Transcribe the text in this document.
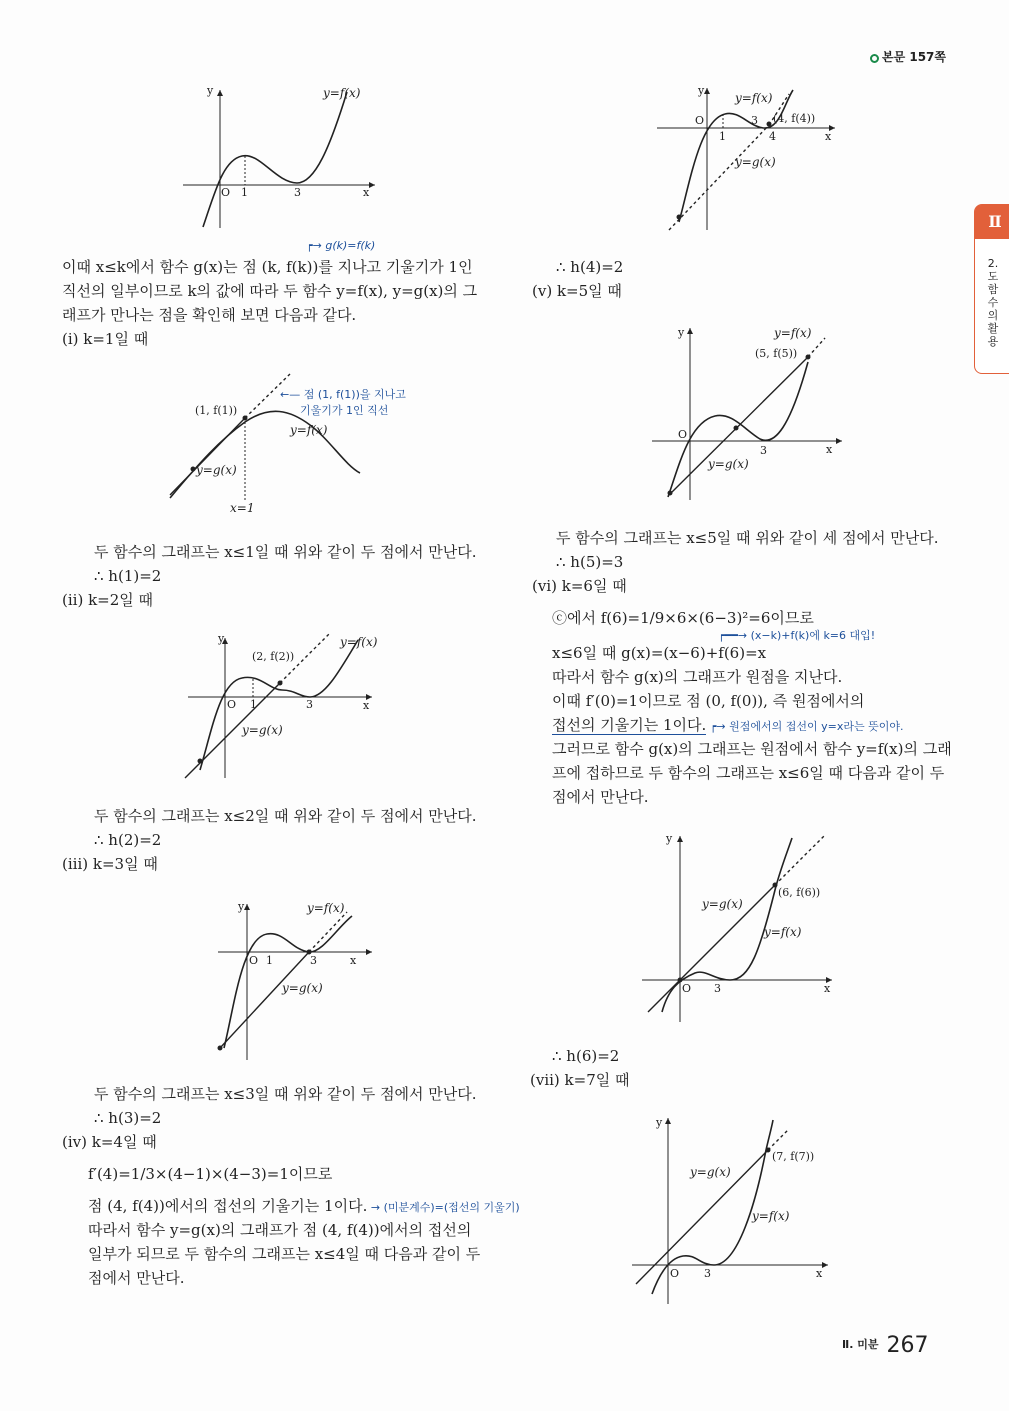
본문 157쪽
Ⅱ
2. 도함수의 활용
y
x
O 1	3
y=f(x)
┍→ g(k)=f(k)
이때 x≤k에서 함수 g(x)는 점 (k, f(k))를 지나고 기울기가 1인
직선의 일부이므로 k의 값에 따라 두 함수 y=f(x), y=g(x)의 그
래프가 만나는 점을 확인해 보면 다음과 같다.
(ⅰ) k=1일 때
(1, f(1))
y=f(x)
y=g(x)
x=1
←— 점 (1, f(1))을 지나고
기울기가 1인 직선
두 함수의 그래프는 x≤1일 때 위와 같이 두 점에서 만난다.
∴ h(1)=2
(ⅱ) k=2일 때
y
x
O 1	3
(2, f(2))
y=f(x)
y=g(x)
두 함수의 그래프는 x≤2일 때 위와 같이 두 점에서 만난다.
∴ h(2)=2
(ⅲ) k=3일 때
y
x
O 1	3
y=f(x)
y=g(x)
두 함수의 그래프는 x≤3일 때 위와 같이 두 점에서 만난다.
∴ h(3)=2
(ⅳ) k=4일 때
f′(4)=1/3×(4−1)×(4−3)=1이므로
점 (4, f(4))에서의 접선의 기울기는 1이다. → (미분계수)=(접선의 기울기)
따라서 함수 y=g(x)의 그래프가 점 (4, f(4))에서의 접선의
일부가 되므로 두 함수의 그래프는 x≤4일 때 다음과 같이 두
점에서 만난다.
y
x
O
1
3
4
(4, f(4))
y=f(x)
y=g(x)
∴ h(4)=2
(ⅴ) k=5일 때
y
x
O
3
(5, f(5))
y=f(x)
y=g(x)
두 함수의 그래프는 x≤5일 때 위와 같이 세 점에서 만난다.
∴ h(5)=3
(ⅵ) k=6일 때
ⓒ에서 f(6)=1/9×6×(6−3)²=6이므로
┍━━→ (x−k)+f(k)에 k=6 대입!
x≤6일 때 g(x)=(x−6)+f(6)=x
따라서 함수 g(x)의 그래프가 원점을 지난다.
이때 f′(0)=1이므로 점 (0, f(0)), 즉 원점에서의
접선의 기울기는 1이다. ┍→ 원점에서의 접선이 y=x라는 뜻이야.
그러므로 함수 g(x)의 그래프는 원점에서 함수 y=f(x)의 그래
프에 접하므로 두 함수의 그래프는 x≤6일 때 다음과 같이 두
점에서 만난다.
y
x
O 3
(6, f(6))
y=g(x)
y=f(x)
∴ h(6)=2
(ⅶ) k=7일 때
y
x
O 3
(7, f(7))
y=g(x)
y=f(x)
$^{Ⅱ. 미분}$ 267
